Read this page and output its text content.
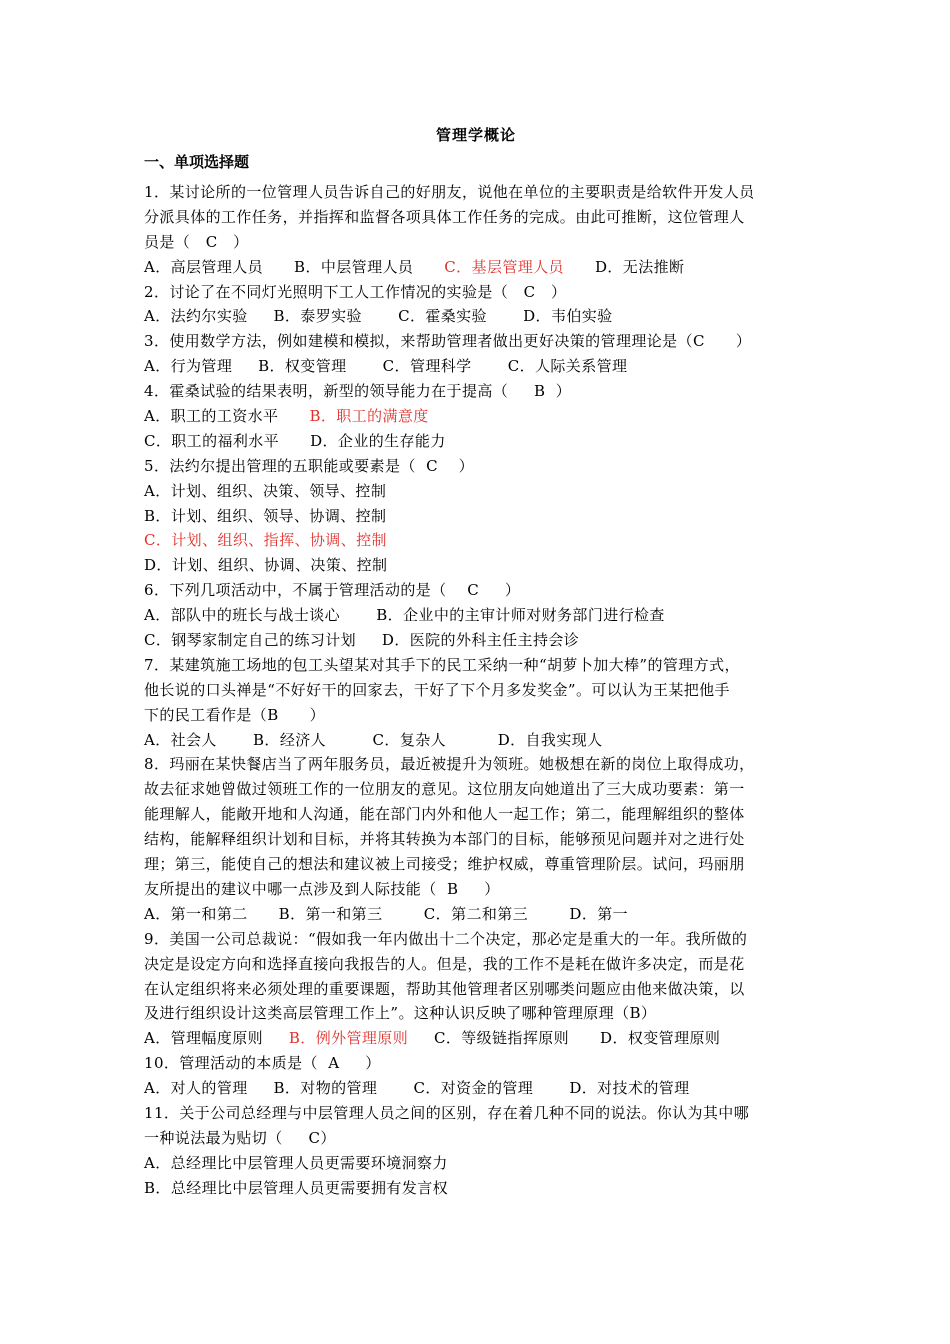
管理学概论
一、单项选择题
1．某讨论所的一位管理人员告诉自己的好朋友，说他在单位的主要职责是给软件开发人员
分派具体的工作任务，并指挥和监督各项具体工作任务的完成。由此可推断，这位管理人
员是（   C   ）
A．高层管理人员      B．中层管理人员      C．基层管理人员      D．无法推断
2．讨论了在不同灯光照明下工人工作情况的实验是（   C   ）
A．法约尔实验     B．泰罗实验       C．霍桑实验       D．韦伯实验
3．使用数学方法，例如建模和模拟，来帮助管理者做出更好决策的管理理论是（C      ）
A．行为管理     B．权变管理       C．管理科学       C．人际关系管理
4．霍桑试验的结果表明，新型的领导能力在于提高（     B  ）
A．职工的工资水平      B．职工的满意度
C．职工的福利水平      D．企业的生存能力
5．法约尔提出管理的五职能或要素是（  C    ）
A．计划、组织、决策、领导、控制
B．计划、组织、领导、协调、控制
C．计划、组织、指挥、协调、控制
D．计划、组织、协调、决策、控制
6．下列几项活动中，不属于管理活动的是（    C     ）
A．部队中的班长与战士谈心       B．企业中的主审计师对财务部门进行检查
C．钢琴家制定自己的练习计划     D．医院的外科主任主持会诊
7．某建筑施工场地的包工头望某对其手下的民工采纳一种“胡萝卜加大棒”的管理方式，
他长说的口头禅是“不好好干的回家去，干好了下个月多发奖金”。可以认为王某把他手
下的民工看作是（B      ）
A．社会人       B．经济人         C．复杂人          D．自我实现人
8．玛丽在某快餐店当了两年服务员，最近被提升为领班。她极想在新的岗位上取得成功，
故去征求她曾做过领班工作的一位朋友的意见。这位朋友向她道出了三大成功要素：第一
能理解人，能敞开地和人沟通，能在部门内外和他人一起工作；第二，能理解组织的整体
结构，能解释组织计划和目标，并将其转换为本部门的目标，能够预见问题并对之进行处
理；第三，能使自己的想法和建议被上司接受；维护权威，尊重管理阶层。试问，玛丽朋
友所提出的建议中哪一点涉及到人际技能（  B     ）
A．第一和第二      B．第一和第三        C．第二和第三        D．第一
9．美国一公司总裁说：“假如我一年内做出十二个决定，那必定是重大的一年。我所做的
决定是设定方向和选择直接向我报告的人。但是，我的工作不是耗在做许多决定，而是花
在认定组织将来必须处理的重要课题，帮助其他管理者区别哪类问题应由他来做决策，以
及进行组织设计这类高层管理工作上”。这种认识反映了哪种管理原理（B）
A．管理幅度原则     B．例外管理原则     C．等级链指挥原则      D．权变管理原则
10．管理活动的本质是（  A     ）
A．对人的管理     B．对物的管理       C．对资金的管理       D．对技术的管理
11．关于公司总经理与中层管理人员之间的区别，存在着几种不同的说法。你认为其中哪
一种说法最为贴切（     C）
A．总经理比中层管理人员更需要环境洞察力
B．总经理比中层管理人员更需要拥有发言权
